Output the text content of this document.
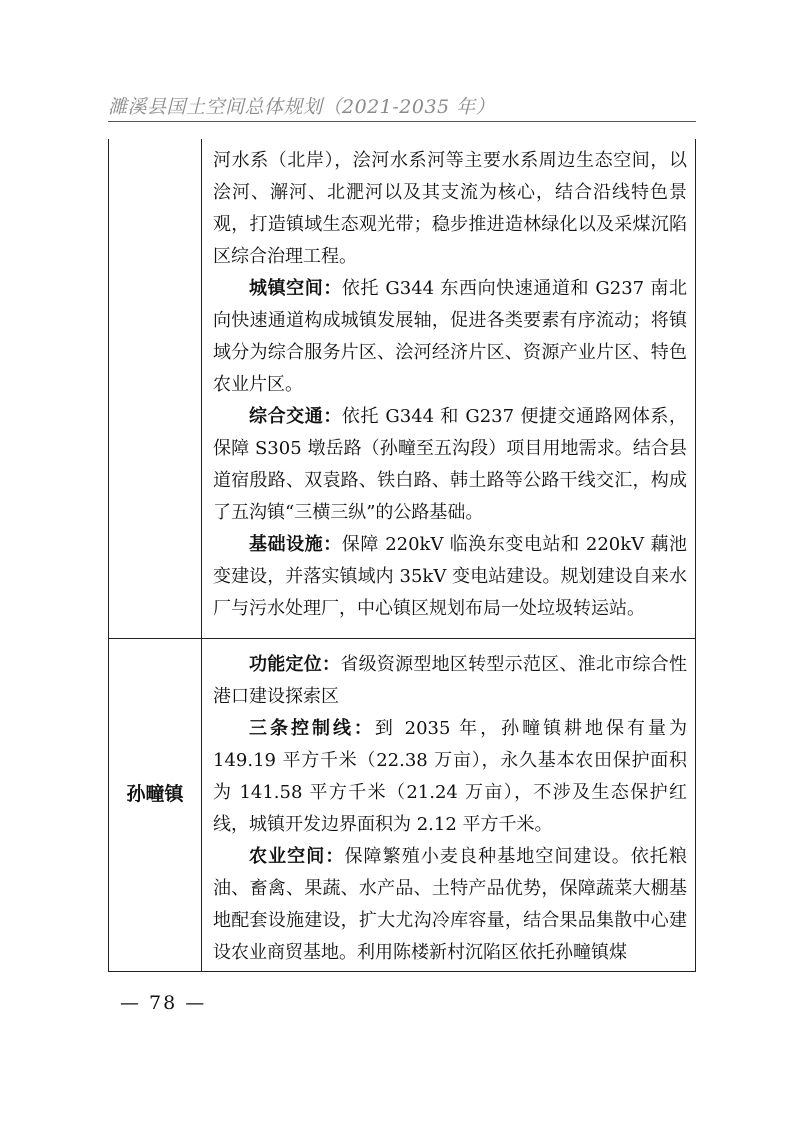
濉溪县国土空间总体规划（2021-2035 年）

河水系（北岸），浍河水系河等主要水系周边生态空间，以浍河、澥河、北淝河以及其支流为核心，结合沿线特色景观，打造镇域生态观光带；稳步推进造林绿化以及采煤沉陷区综合治理工程。

城镇空间：依托 G344 东西向快速通道和 G237 南北向快速通道构成城镇发展轴，促进各类要素有序流动；将镇域分为综合服务片区、浍河经济片区、资源产业片区、特色农业片区。

综合交通：依托 G344 和 G237 便捷交通路网体系，保障 S305 墩岳路（孙疃至五沟段）项目用地需求。结合县道宿殷路、双袁路、铁白路、韩土路等公路干线交汇，构成了五沟镇“三横三纵”的公路基础。

基础设施：保障 220kV 临涣东变电站和 220kV 藕池变建设，并落实镇域内 35kV 变电站建设。规划建设自来水厂与污水处理厂，中心镇区规划布局一处垃圾转运站。

孙疃镇

功能定位：省级资源型地区转型示范区、淮北市综合性港口建设探索区

三条控制线：到 2035 年，孙疃镇耕地保有量为 149.19 平方千米（22.38 万亩），永久基本农田保护面积为 141.58 平方千米（21.24 万亩），不涉及生态保护红线，城镇开发边界面积为 2.12 平方千米。

农业空间：保障繁殖小麦良种基地空间建设。依托粮油、畜禽、果蔬、水产品、土特产品优势，保障蔬菜大棚基地配套设施建设，扩大尤沟冷库容量，结合果品集散中心建设农业商贸基地。利用陈楼新村沉陷区依托孙疃镇煤

— 78 —
